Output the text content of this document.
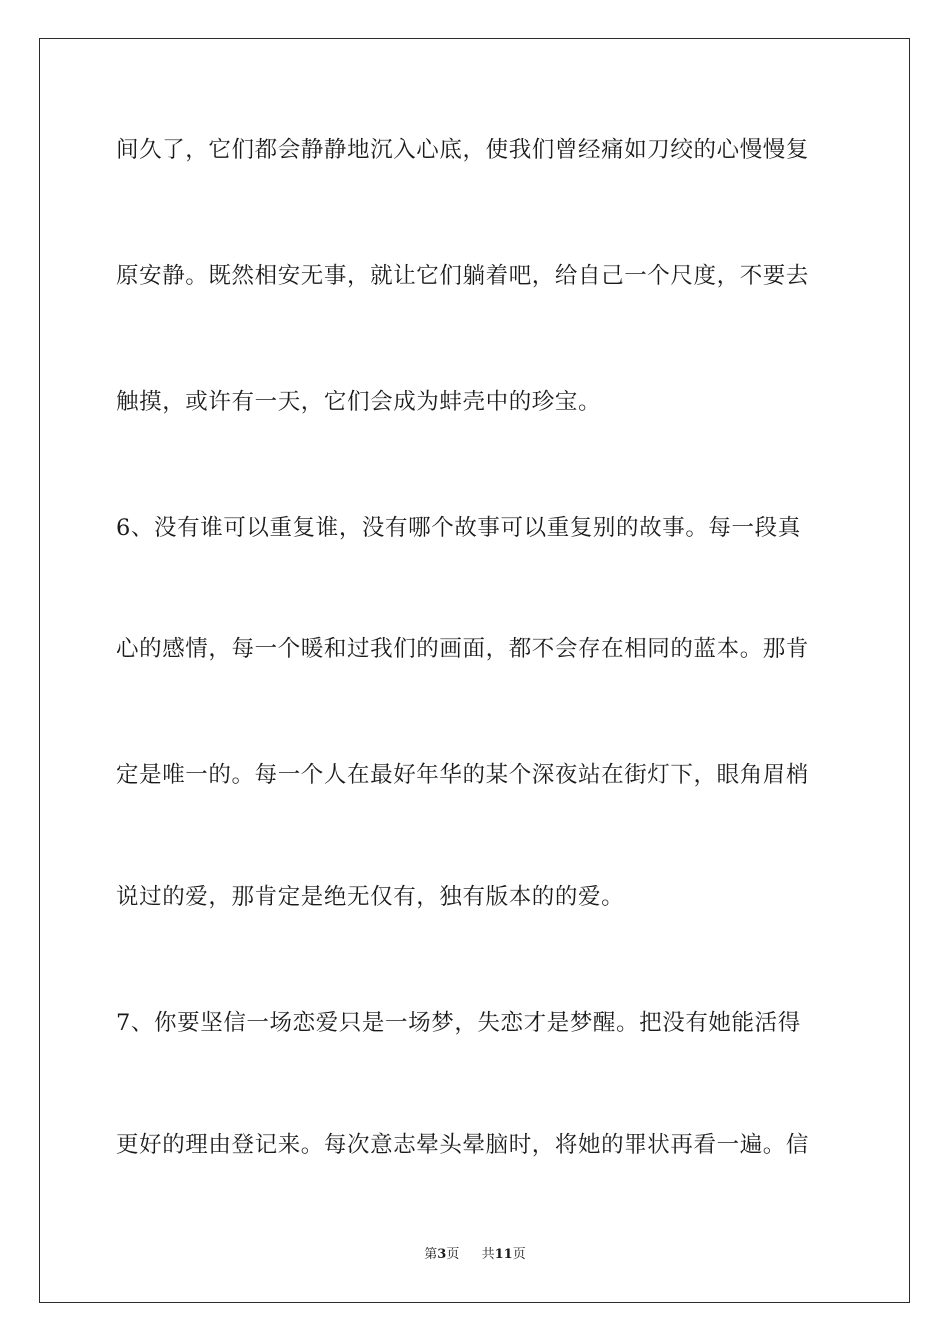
间久了，它们都会静静地沉入心底，使我们曾经痛如刀绞的心慢慢复
原安静。既然相安无事，就让它们躺着吧，给自己一个尺度，不要去
触摸，或许有一天，它们会成为蚌壳中的珍宝。
6、没有谁可以重复谁，没有哪个故事可以重复别的故事。每一段真
心的感情，每一个暖和过我们的画面，都不会存在相同的蓝本。那肯
定是唯一的。每一个人在最好年华的某个深夜站在街灯下，眼角眉梢
说过的爱，那肯定是绝无仅有，独有版本的的爱。
7、你要坚信一场恋爱只是一场梦，失恋才是梦醒。把没有她能活得
更好的理由登记来。每次意志晕头晕脑时，将她的罪状再看一遍。信
第3页 共11页
